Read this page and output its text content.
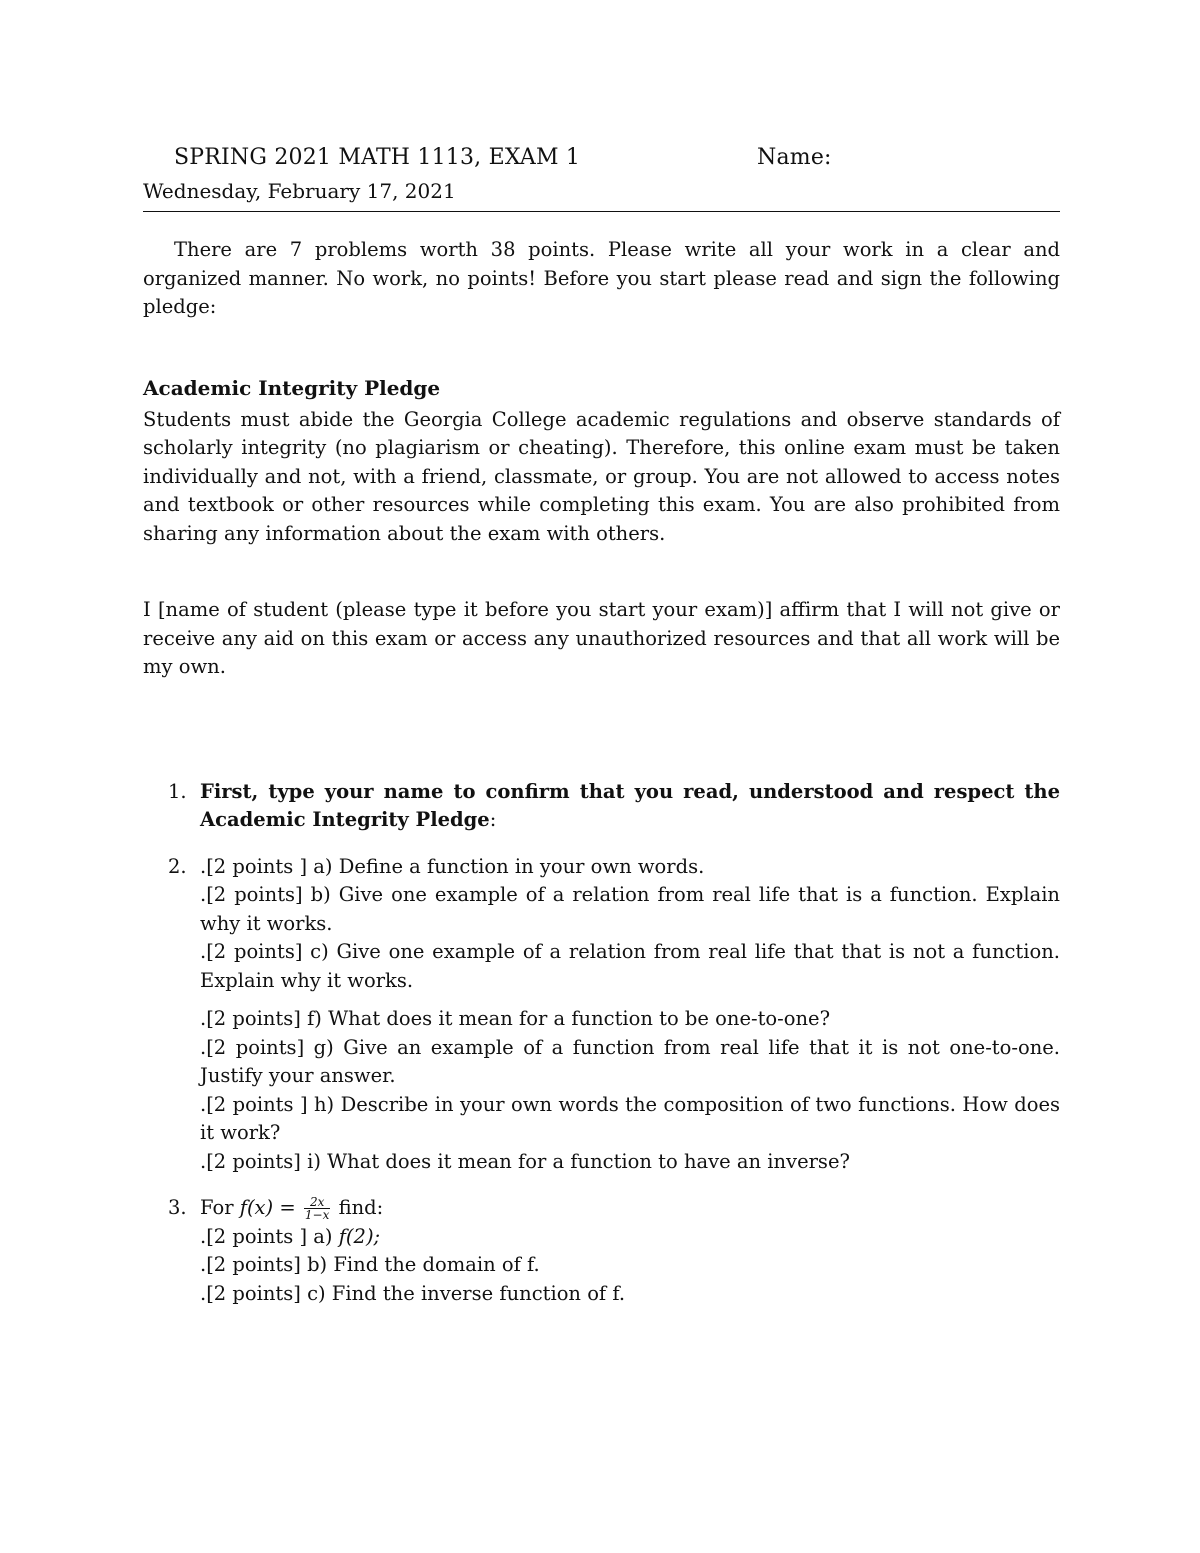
SPRING 2021 MATH 1113, EXAM 1	Name:
Wednesday, February 17, 2021
There are 7 problems worth 38 points. Please write all your work in a clear and organized manner. No work, no points! Before you start please read and sign the following pledge:
Academic Integrity Pledge
Students must abide the Georgia College academic regulations and observe standards of scholarly integrity (no plagiarism or cheating). Therefore, this online exam must be taken individually and not, with a friend, classmate, or group. You are not allowed to access notes and textbook or other resources while completing this exam. You are also prohibited from sharing any information about the exam with others.
I [name of student (please type it before you start your exam)] affirm that I will not give or receive any aid on this exam or access any unauthorized resources and that all work will be my own.
1. First, type your name to confirm that you read, understood and respect the Academic Integrity Pledge:
2. .[2 points ] a) Define a function in your own words.
.[2 points] b) Give one example of a relation from real life that is a function. Explain why it works.
.[2 points] c) Give one example of a relation from real life that that is not a function. Explain why it works.
.[2 points] f) What does it mean for a function to be one-to-one?
.[2 points] g) Give an example of a function from real life that it is not one-to-one. Justify your answer.
.[2 points ] h) Describe in your own words the composition of two functions. How does it work?
.[2 points] i) What does it mean for a function to have an inverse?
3. For $f(x) = \frac{2x}{1-x}$ find:
.[2 points ] a) f(2);
.[2 points] b) Find the domain of f.
.[2 points] c) Find the inverse function of f.
